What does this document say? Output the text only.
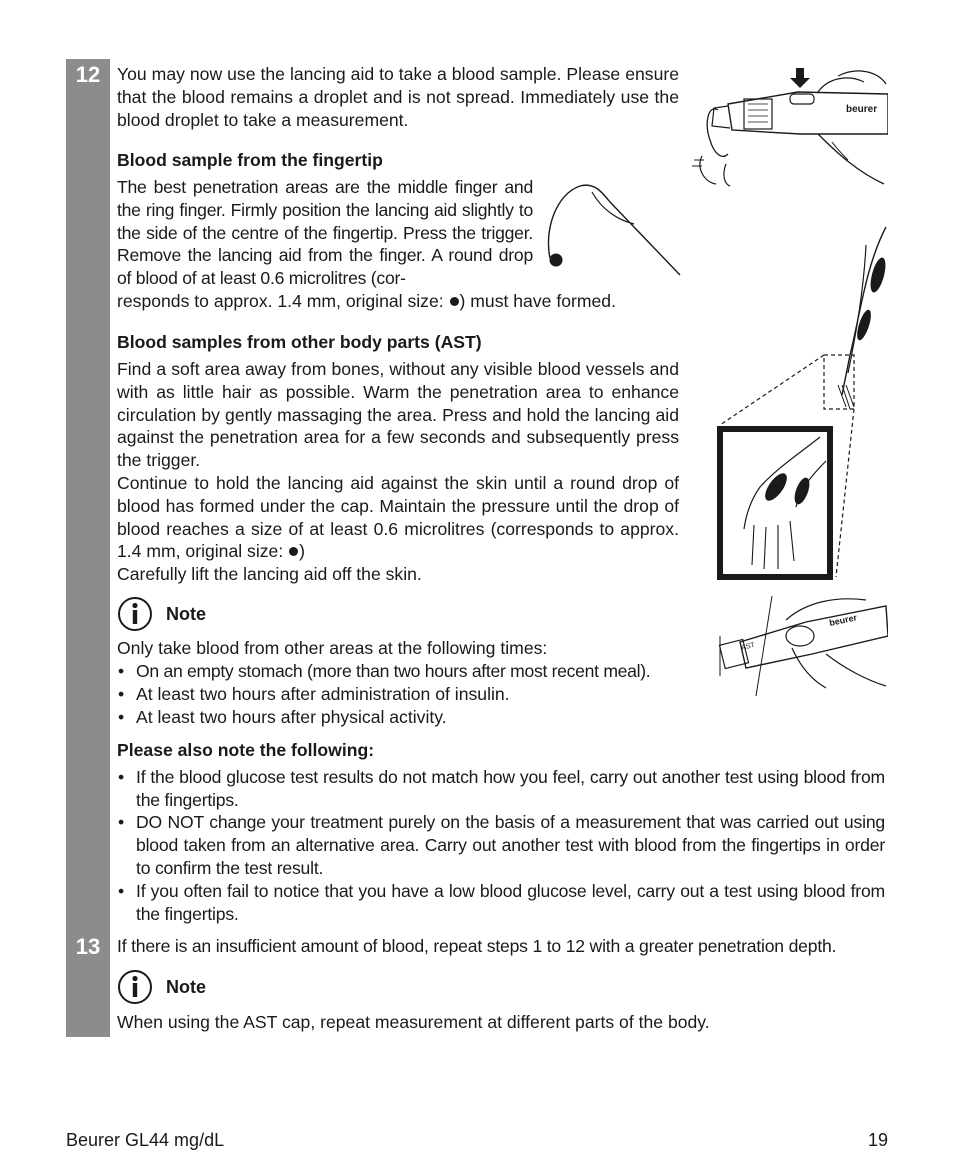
12
13

You may now use the lancing aid to take a blood sample. Please ensure that the blood remains a droplet and is not spread. Immediately use the blood droplet to take a measurement.

Blood sample from the fingertip

The best penetration areas are the middle finger and the ring finger. Firmly position the lancing aid slightly to the side of the centre of the fingertip. Press the trigger. Remove the lancing aid from the finger. A round drop of blood of at least 0.6 microlitres (cor-

responds to approx. 1.4 mm, original size: ) must have formed.
Blood samples from other body parts (AST)

Find a soft area away from bones, without any visible blood vessels and with as little hair as possible. Warm the penetration area to enhance circulation by gently massaging the area. Press and hold the lancing aid against the penetration area for a few seconds and subsequently press the trigger.

Continue to hold the lancing aid against the skin until a round drop of blood has formed under the cap. Maintain the pressure until the drop of blood reaches a size of at least 0.6 microlitres (corresponds to approx. 1.4 mm, original size: )

Carefully lift the lancing aid off the skin.

Note

Only take blood from other areas at the following times:

• On an empty stomach (more than two hours after most recent meal).
• At least two hours after administration of insulin.
• At least two hours after physical activity.
Please also note the following:
• If the blood glucose test results do not match how you feel, carry out another test using blood from the fingertips.
• DO NOT change your treatment purely on the basis of a measurement that was carried out using blood taken from an alternative area. Carry out another test with blood from the fingertips in order to confirm the test result.
• If you often fail to notice that you have a low blood glucose level, carry out a test using blood from the fingertips.

If there is an insufficient amount of blood, repeat steps 1 to 12 with a greater penetration depth.

Note

When using the AST cap, repeat measurement at different parts of the body.

beurer
AST
beurer
Beurer GL44 mg/dL	19
